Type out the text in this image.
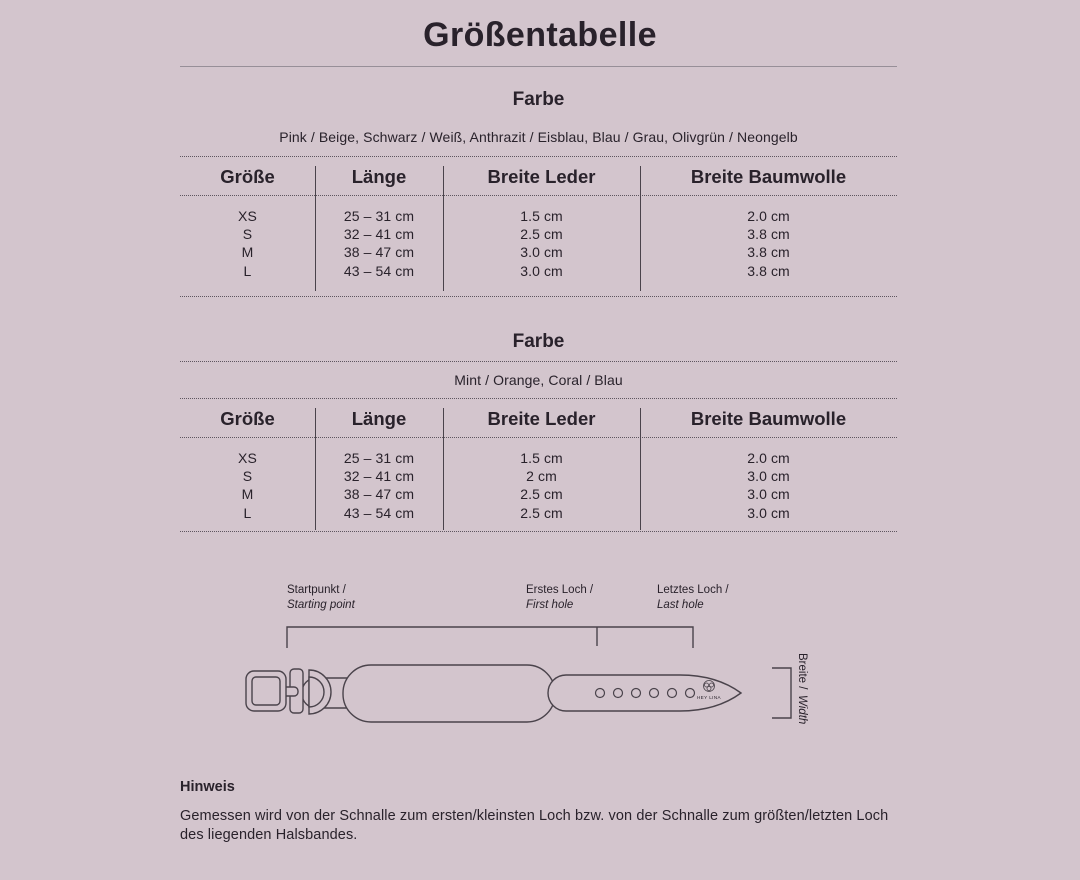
Größentabelle
Farbe
Pink / Beige, Schwarz / Weiß, Anthrazit / Eisblau, Blau / Grau, Olivgrün / Neongelb
Größe	Länge	Breite Leder	Breite Baumwolle
XS	25 – 31 cm	1.5 cm	2.0 cm
S	32 – 41 cm	2.5 cm	3.8 cm
M	38 – 47 cm	3.0 cm	3.8 cm
L	43 – 54 cm	3.0 cm	3.8 cm
Farbe
Mint / Orange, Coral / Blau
Größe	Länge	Breite Leder	Breite Baumwolle
XS	25 – 31 cm	1.5 cm	2.0 cm
S	32 – 41 cm	2 cm	3.0 cm
M	38 – 47 cm	2.5 cm	3.0 cm
L	43 – 54 cm	2.5 cm	3.0 cm
Startpunkt /
Starting point
Erstes Loch /
First hole
Letztes Loch /
Last hole
Breite /
Width
HEY LINA
Hinweis
Gemessen wird von der Schnalle zum ersten/kleinsten Loch bzw. von der Schnalle zum größten/letzten Loch des liegenden Halsbandes.
